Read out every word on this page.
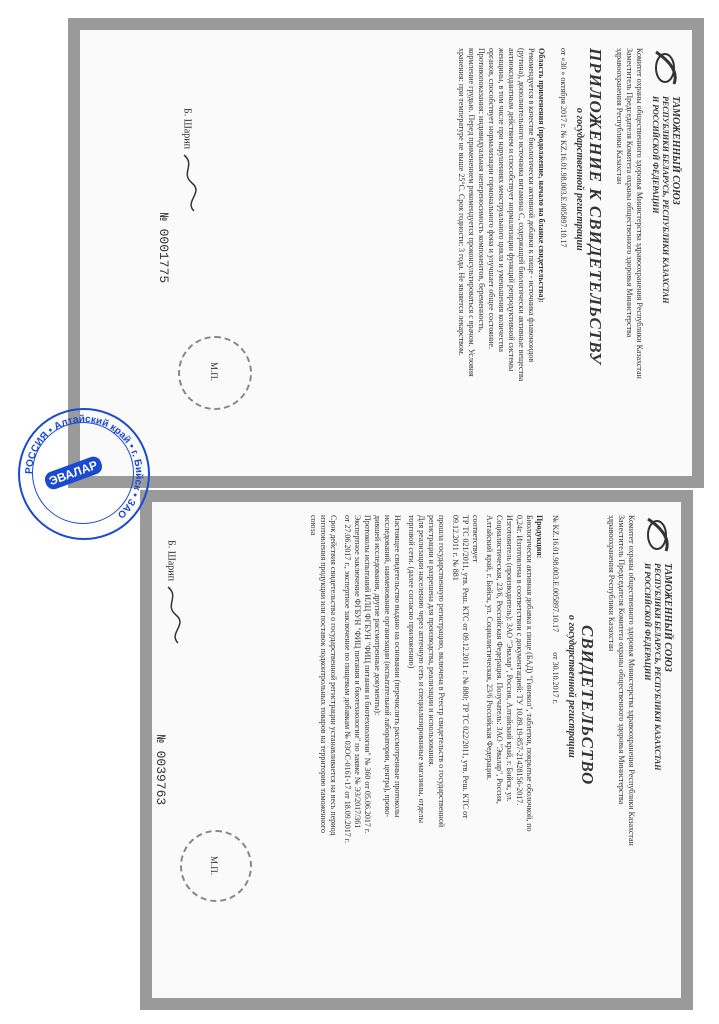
ТАМОЖЕННЫЙ СОЮЗ
РЕСПУБЛИКИ БЕЛАРУСЬ, РЕСПУБЛИКИ КАЗАХСТАН
И РОССИЙСКОЙ ФЕДЕРАЦИИ
Комитет охраны общественного здоровья Министерства здравоохранения Республики Казахстан
Заместитель Председателя Комитета охраны общественного здоровья Министерства
здравоохранения Республики Казахстан
ПРИЛОЖЕНИЕ К СВИДЕТЕЛЬСТВУ
о государственной регистрации
от «30 » октября 2017 г. № KZ.16.01.98.003.Е.005897.10.17
Область применения (продолжение, начало на бланке свидетельства):
Рекомендуется в качестве биологически активной добавки к пище - источника флавоноидов
(рутина), дополнительного источника витамина С, содержащей биологически активные вещества
антиоксидантным действием и способствует нормализации функций репродуктивной системы
женщины, в том числе при нарушениях менструального цикла и уменьшения количества
органов, способствует нормализации гормонального фона и улучшает общее состояние.
Противопоказания: индивидуальная непереносимость компонентов, беременность,
кормление грудью. Перед применением рекомендуется проконсультироваться с врачом. Условия
хранения: при температуре не выше 25°С. Срок годности: 3 года. Не является лекарством.
Б. Шарип
№ 0001775
М.П.
ТАМОЖЕННЫЙ СОЮЗ
РЕСПУБЛИКИ БЕЛАРУСЬ, РЕСПУБЛИКИ КАЗАХСТАН
И РОССИЙСКОЙ ФЕДЕРАЦИИ
Комитет охраны общественного здоровья Министерства здравоохранения Республики Казахстан
Заместитель Председателя Комитета охраны общественного здоровья Министерства
здравоохранения Республики Казахстан
СВИДЕТЕЛЬСТВО
о государственной регистрации
№ KZ.16.01.98.003.Е.005897.10.17
от 30.10.2017 г.
Продукция:
Биологически активная добавка к пище (БАД) "Гинекол", таблетки, покрытые оболочкой, по
0,24г. Изготовлена в соответствии с документацией: ТУ 10.89.19-857-21428156-2017.
Изготовитель (производитель): ЗАО "Эвалар", Россия, Алтайский край, г. Бийск, ул.
Социалистическая, 23/6, Российская Федерация. Получатель: ЗАО "Эвалар", Россия,
Алтайский край, г. Бийск, ул. Социалистическая, 23/6 Российская Федерация.
соответствует
ТР ТС 021/2011, утв. Реш. КТС от 09.12.2011 г. № 880; ТР ТС 022/2011, утв. Реш. КТС от
09.12.2011 г. № 881
прошла государственную регистрацию, включена в Реестр свидетельств о государственной
регистрации и разрешена для производства, реализации и использования.
Для реализации населению через аптечную сеть и специализированные магазины, отделы
торговой сети. (далее согласно приложению)
Настоящее свидетельство выдано на основании (перечислить рассмотренные протоколы
исследований, наименование организации (испытательной лаборатории, центра), прово-
дившей исследования, другие рассмотренные документы):
Протоколы испытаний ИЛЦ ФГБУН "ФИЦ питания и биотехнологии" № 360 от 05.06.2017 г.
Экспертное заключение ФГБУН "ФИЦ питания и биотехнологии" по заявке № ЭЗ/2017/361
от 27.06.2017 г., экспертное заключение по пищевым добавкам № 03ОС-0161-17 от 18.09.2017 г.
Срок действия свидетельства о государственной регистрации устанавливается на весь период
изготовления продукции или поставок подконтрольных товаров на территорию таможенного
союза
Б. Шарип
№ 0039763
М.П.
РОССИЯ • Алтайский край • г. Бийск • ЗАО
ЭВАЛАР
